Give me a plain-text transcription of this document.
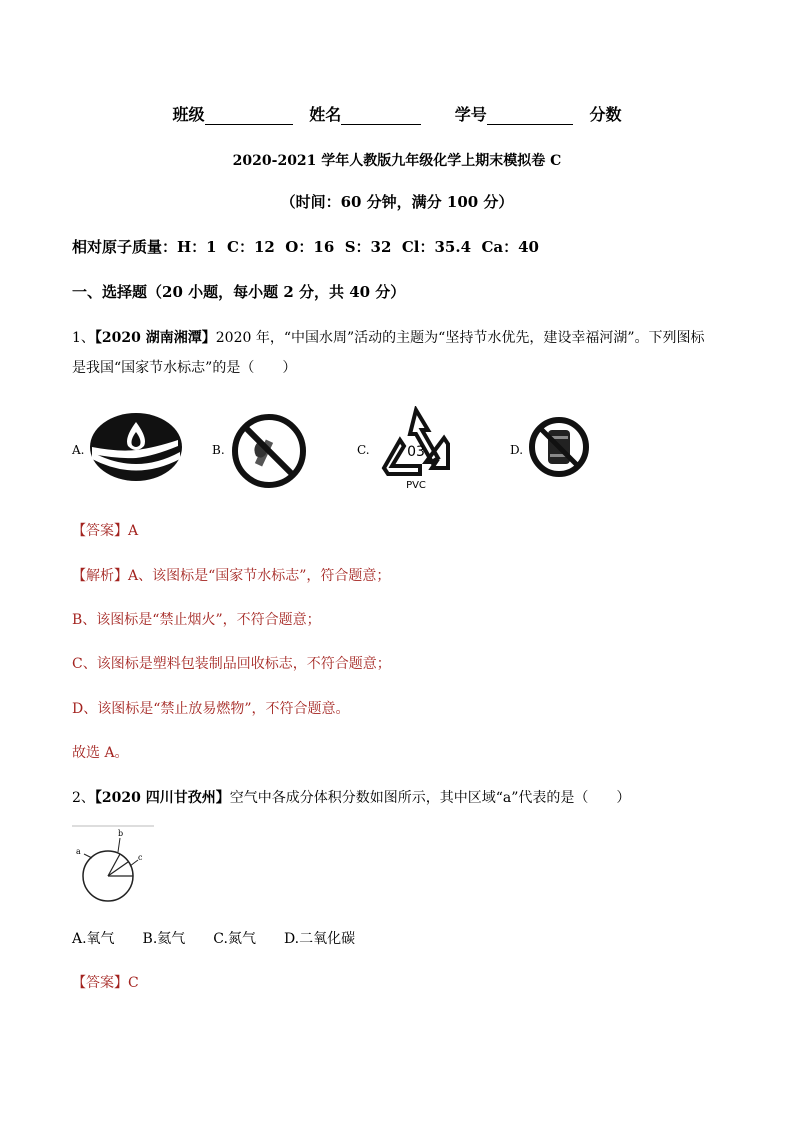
班级	姓名	学号	分数
2020-2021 学年人教版九年级化学上期末模拟卷 C
（时间：60 分钟，满分 100 分）
相对原子质量：H：1  C：12  O：16  S：32  Cl：35.4  Ca：40
一、选择题（20 小题，每小题 2 分，共 40 分）
1、【2020 湖南湘潭】2020 年，“中国水周”活动的主题为“坚持节水优先，建设幸福河湖”。下列图标
是我国“国家节水标志”的是（　　）
A.	B.	C.	03
PVC
D.
【答案】A
【解析】A、该图标是“国家节水标志”，符合题意；
B、该图标是“禁止烟火”，不符合题意；
C、该图标是塑料包装制品回收标志，不符合题意；
D、该图标是“禁止放易燃物”，不符合题意。
故选 A。
2、【2020 四川甘孜州】空气中各成分体积分数如图所示，其中区域“a”代表的是（　　）
a
b
c
A.氧气　　B.氦气　　C.氮气　　D.二氧化碳
【答案】C
